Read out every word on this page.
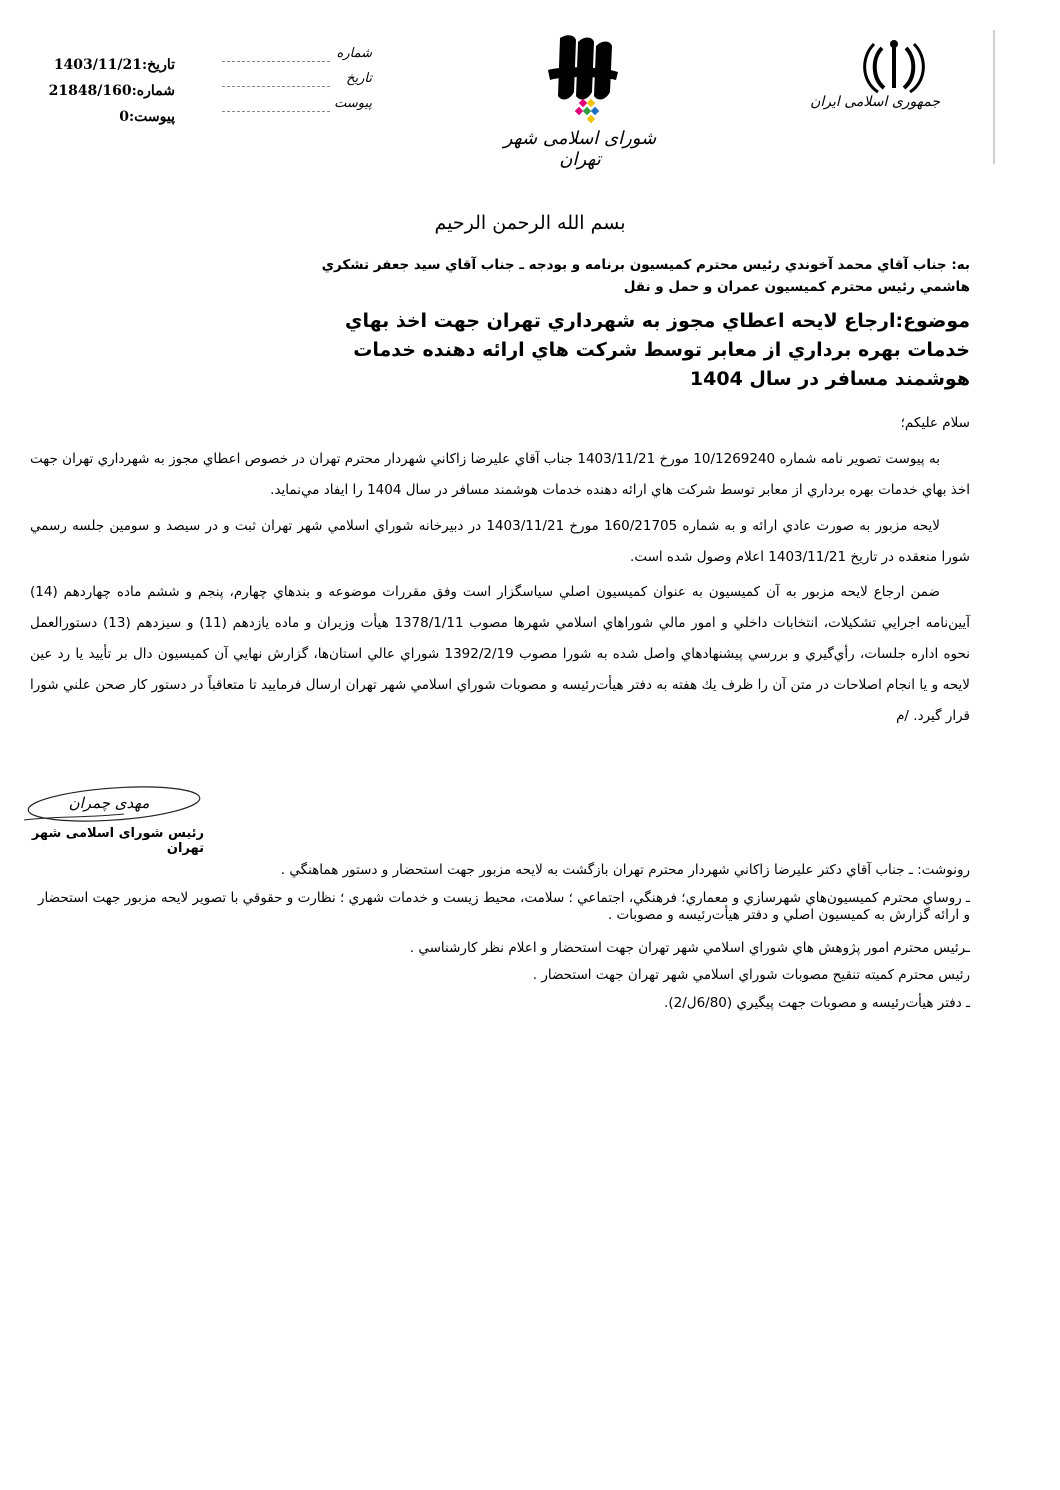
تاريخ:1403/11/21
شماره:21848/160
پيوست:0
شماره
تاریخ
پیوست
شورای اسلامی شهر تهران
جمهوری اسلامی ایران
بسم الله الرحمن الرحيم
به: جناب آقاي محمد آخوندي رئيس محترم كميسيون برنامه و بودجه ـ جناب آقاي سيد جعفر تشكري هاشمي رئيس محترم كميسيون عمران و حمل و نقل
موضوع:ارجاع لايحه اعطاي مجوز به شهرداري تهران جهت اخذ بهاي خدمات بهره برداري از معابر توسط شركت هاي ارائه دهنده خدمات هوشمند مسافر در سال 1404
سلام عليكم؛
به پيوست تصوير نامه شماره 10/1269240 مورخ 1403/11/21 جناب آقاي عليرضا زاكاني شهردار محترم تهران در خصوص اعطاي مجوز به شهرداري تهران جهت اخذ بهاي خدمات بهره برداري از معابر توسط شركت هاي ارائه دهنده خدمات هوشمند مسافر در سال 1404 را ايفاد مي‌نمايد.
لايحه مزبور به صورت عادي ارائه و به شماره 160/21705 مورخ 1403/11/21 در دبيرخانه شوراي اسلامي شهر تهران ثبت و در سيصد و سومين جلسه رسمي شورا منعقده در تاريخ 1403/11/21 اعلام وصول شده است.
ضمن ارجاع لايحه مزبور به آن كميسيون به عنوان كميسيون اصلي سياسگزار است وفق مقررات موضوعه و بندهاي چهارم، پنجم و ششم ماده چهاردهم (14) آيين‌نامه اجرايي تشكيلات، انتخابات داخلي و امور مالي شوراهاي اسلامي شهرها مصوب 1378/1/11 هيأت وزيران و ماده يازدهم (11) و سيزدهم (13) دستورالعمل نحوه اداره جلسات، رأي‌گيري و بررسي پيشنهادهاي واصل شده به شورا مصوب 1392/2/19 شوراي عالي استان‌ها، گزارش نهايي آن كميسيون دال بر تأييد يا رد عين لايحه و يا انجام اصلاحات در متن آن را ظرف يك هفته به دفتر هيأت‌رئيسه و مصوبات شوراي اسلامي شهر تهران ارسال فرماييد تا متعاقباً در دستور كار صحن علني شورا قرار گيرد. /م
مهدی چمران
رئیس شورای اسلامی شهر تهران
رونوشت: ـ جناب آقاي دكتر عليرضا زاكاني شهردار محترم تهران بازگشت به لايحه مزبور جهت استحضار و دستور هماهنگي .
ـ روساي محترم كميسيون‌هاي شهرسازي و معماري؛ فرهنگي، اجتماعي ؛ سلامت، محيط زيست و خدمات شهري ؛ نظارت و حقوقي با تصوير لايحه مزبور جهت استحضار و ارائه گزارش به كميسيون اصلي و دفتر هيأت‌رئيسه و مصوبات .
ـرئيس محترم امور پژوهش هاي شوراي اسلامي شهر تهران جهت استحضار و اعلام نظر كارشناسي .
رئيس محترم كميته تنقيح مصوبات شوراي اسلامي شهر تهران جهت استحضار .
ـ دفتر هيأت‌رئيسه و مصوبات جهت پيگيري (6/80ل/2).
